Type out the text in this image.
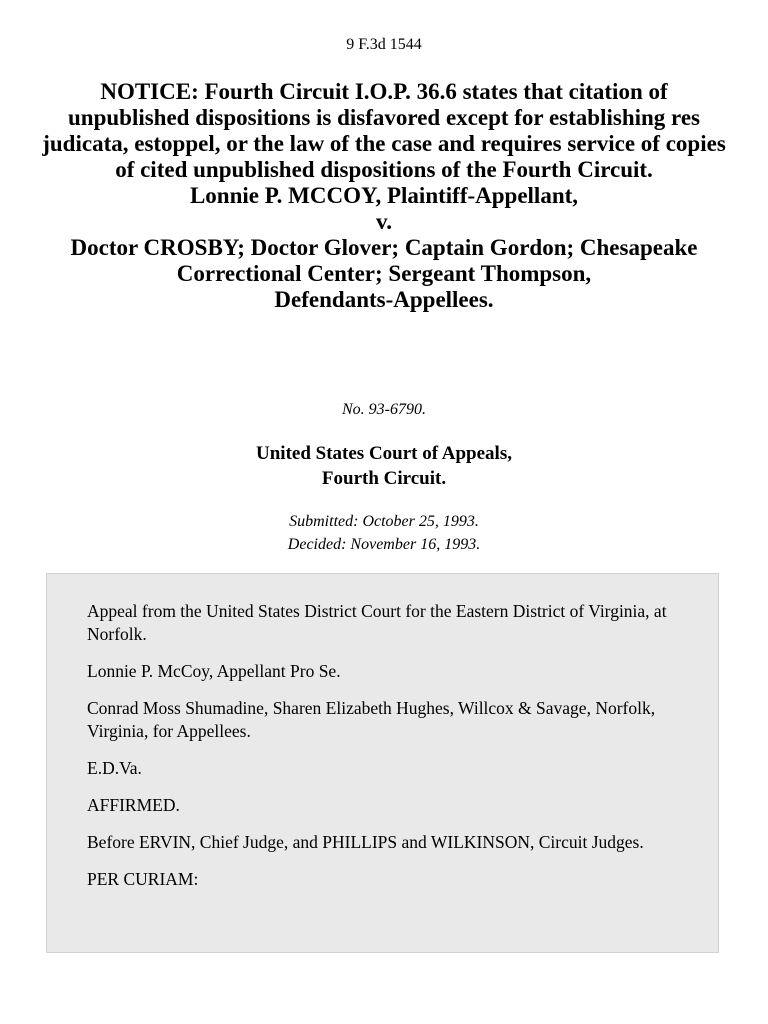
9 F.3d 1544
NOTICE: Fourth Circuit I.O.P. 36.6 states that citation of unpublished dispositions is disfavored except for establishing res judicata, estoppel, or the law of the case and requires service of copies of cited unpublished dispositions of the Fourth Circuit.
Lonnie P. MCCOY, Plaintiff-Appellant,
v.
Doctor CROSBY; Doctor Glover; Captain Gordon; Chesapeake
Correctional Center; Sergeant Thompson,
Defendants-Appellees.
No. 93-6790.
United States Court of Appeals,
Fourth Circuit.
Submitted: October 25, 1993.
Decided: November 16, 1993.

Appeal from the United States District Court for the Eastern District of Virginia, at Norfolk.

Lonnie P. McCoy, Appellant Pro Se.

Conrad Moss Shumadine, Sharen Elizabeth Hughes, Willcox & Savage, Norfolk, Virginia, for Appellees.

E.D.Va.

AFFIRMED.

Before ERVIN, Chief Judge, and PHILLIPS and WILKINSON, Circuit Judges.

PER CURIAM:
